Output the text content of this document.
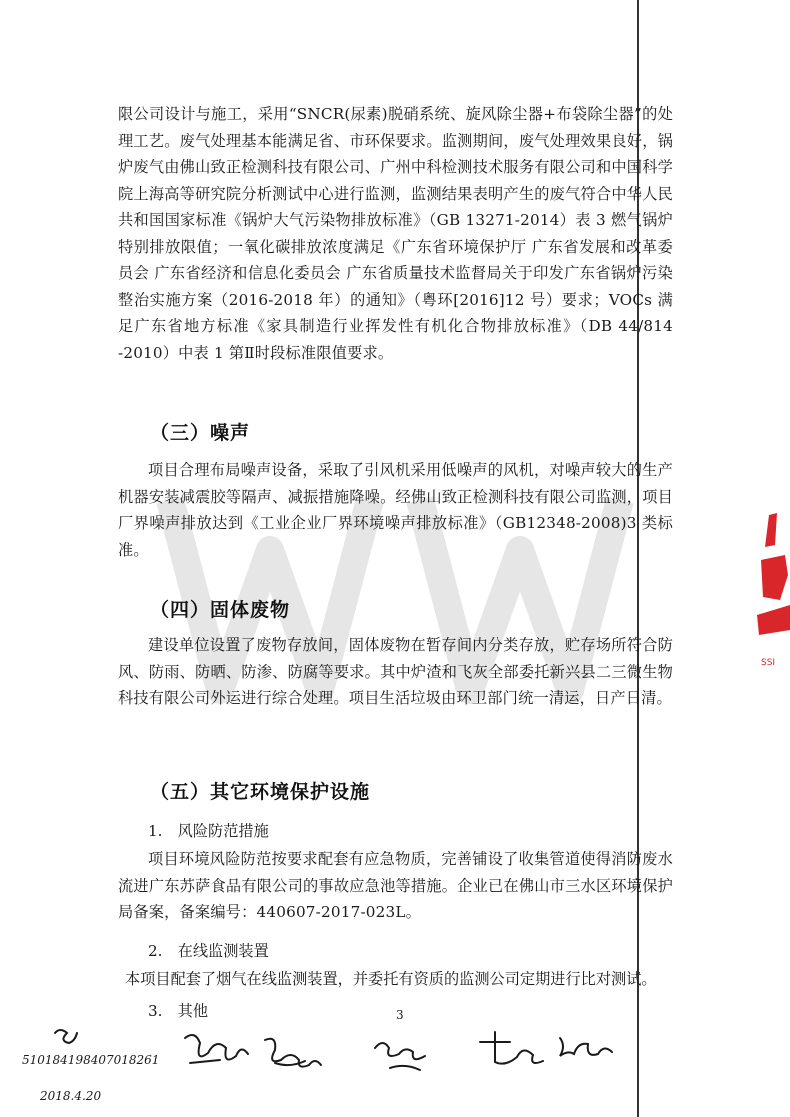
限公司设计与施工，采用“SNCR(尿素)脱硝系统、旋风除尘器+布袋除尘器”的处理工艺。废气处理基本能满足省、市环保要求。监测期间，废气处理效果良好，锅炉废气由佛山致正检测科技有限公司、广州中科检测技术服务有限公司和中国科学院上海高等研究院分析测试中心进行监测，监测结果表明产生的废气符合中华人民共和国国家标准《锅炉大气污染物排放标准》（GB 13271-2014）表 3 燃气锅炉特别排放限值；一氧化碳排放浓度满足《广东省环境保护厅 广东省发展和改革委员会 广东省经济和信息化委员会 广东省质量技术监督局关于印发广东省锅炉污染整治实施方案（2016-2018 年）的通知》（粤环[2016]12 号）要求；VOCs 满足广东省地方标准《家具制造行业挥发性有机化合物排放标准》（DB 44/814 -2010）中表 1 第Ⅱ时段标准限值要求。

（三）噪声

项目合理布局噪声设备，采取了引风机采用低噪声的风机，对噪声较大的生产机器安装减震胶等隔声、减振措施降噪。经佛山致正检测科技有限公司监测，项目厂界噪声排放达到《工业企业厂界环境噪声排放标准》（GB12348-2008)3 类标准。

（四）固体废物

建设单位设置了废物存放间，固体废物在暂存间内分类存放，贮存场所符合防风、防雨、防晒、防渗、防腐等要求。其中炉渣和飞灰全部委托新兴县二三微生物科技有限公司外运进行综合处理。项目生活垃圾由环卫部门统一清运，日产日清。

（五）其它环境保护设施

1.　风险防范措施

项目环境风险防范按要求配套有应急物质，完善铺设了收集管道使得消防废水流进广东苏萨食品有限公司的事故应急池等措施。企业已在佛山市三水区环境保护局备案，备案编号：440607-2017-023L。

2.　在线监测装置

本项目配套了烟气在线监测装置，并委托有资质的监测公司定期进行比对测试。

3.　其他	3
SSI
510184198407018261
2018.4.20
